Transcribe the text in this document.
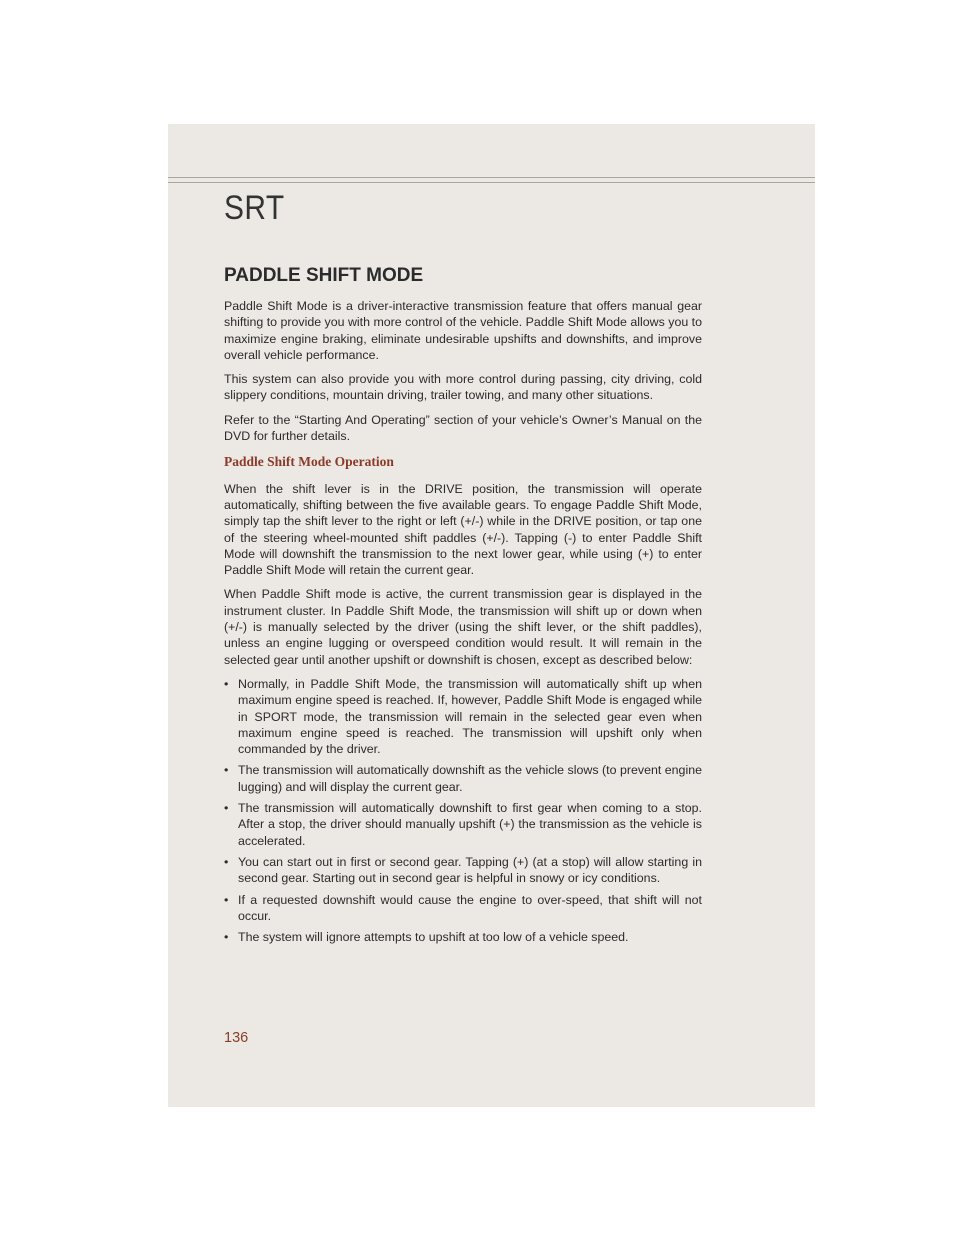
SRT
PADDLE SHIFT MODE

Paddle Shift Mode is a driver-interactive transmission feature that offers manual gear shifting to provide you with more control of the vehicle. Paddle Shift Mode allows you to maximize engine braking, eliminate undesirable upshifts and downshifts, and improve overall vehicle performance.

This system can also provide you with more control during passing, city driving, cold slippery conditions, mountain driving, trailer towing, and many other situations.

Refer to the “Starting And Operating” section of your vehicle’s Owner’s Manual on the DVD for further details.

Paddle Shift Mode Operation

When the shift lever is in the DRIVE position, the transmission will operate automatically, shifting between the five available gears. To engage Paddle Shift Mode, simply tap the shift lever to the right or left (+/-) while in the DRIVE position, or tap one of the steering wheel-mounted shift paddles (+/-). Tapping (-) to enter Paddle Shift Mode will downshift the transmission to the next lower gear, while using (+) to enter Paddle Shift Mode will retain the current gear.

When Paddle Shift mode is active, the current transmission gear is displayed in the instrument cluster. In Paddle Shift Mode, the transmission will shift up or down when (+/-) is manually selected by the driver (using the shift lever, or the shift paddles), unless an engine lugging or overspeed condition would result. It will remain in the selected gear until another upshift or downshift is chosen, except as described below:

• Normally, in Paddle Shift Mode, the transmission will automatically shift up when maximum engine speed is reached. If, however, Paddle Shift Mode is engaged while in SPORT mode, the transmission will remain in the selected gear even when maximum engine speed is reached. The transmission will upshift only when commanded by the driver.
• The transmission will automatically downshift as the vehicle slows (to prevent engine lugging) and will display the current gear.
• The transmission will automatically downshift to first gear when coming to a stop. After a stop, the driver should manually upshift (+) the transmission as the vehicle is accelerated.
• You can start out in first or second gear. Tapping (+) (at a stop) will allow starting in second gear. Starting out in second gear is helpful in snowy or icy conditions.
• If a requested downshift would cause the engine to over-speed, that shift will not occur.
• The system will ignore attempts to upshift at too low of a vehicle speed.
136
